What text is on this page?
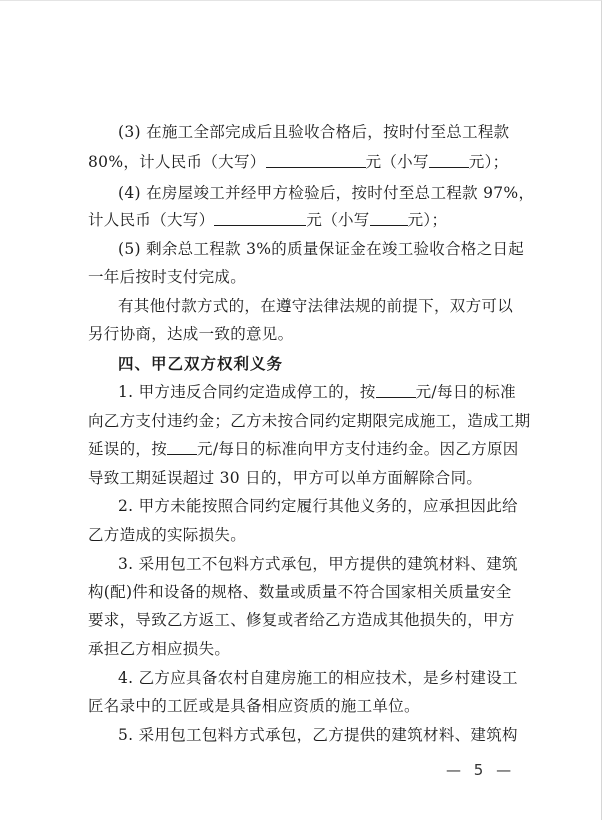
(3) 在施工全部完成后且验收合格后，按时付至总工程款
80%，计人民币（大写）	元（小写	元）；
(4) 在房屋竣工并经甲方检验后，按时付至总工程款 97%，
计人民币（大写）	元（小写 元）；
(5) 剩余总工程款 3%的质量保证金在竣工验收合格之日起
一年后按时支付完成。
有其他付款方式的，在遵守法律法规的前提下，双方可以
另行协商，达成一致的意见。
四、甲乙双方权利义务
1. 甲方违反合同约定造成停工的，按	元/每日的标准
向乙方支付违约金；乙方未按合同约定期限完成施工，造成工期
延误的，按 元/每日的标准向甲方支付违约金。因乙方原因
导致工期延误超过 30 日的，甲方可以单方面解除合同。
2. 甲方未能按照合同约定履行其他义务的，应承担因此给
乙方造成的实际损失。
3. 采用包工不包料方式承包，甲方提供的建筑材料、建筑
构(配)件和设备的规格、数量或质量不符合国家相关质量安全
要求，导致乙方返工、修复或者给乙方造成其他损失的，甲方
承担乙方相应损失。
4. 乙方应具备农村自建房施工的相应技术，是乡村建设工
匠名录中的工匠或是具备相应资质的施工单位。
5. 采用包工包料方式承包，乙方提供的建筑材料、建筑构
— 5 —
